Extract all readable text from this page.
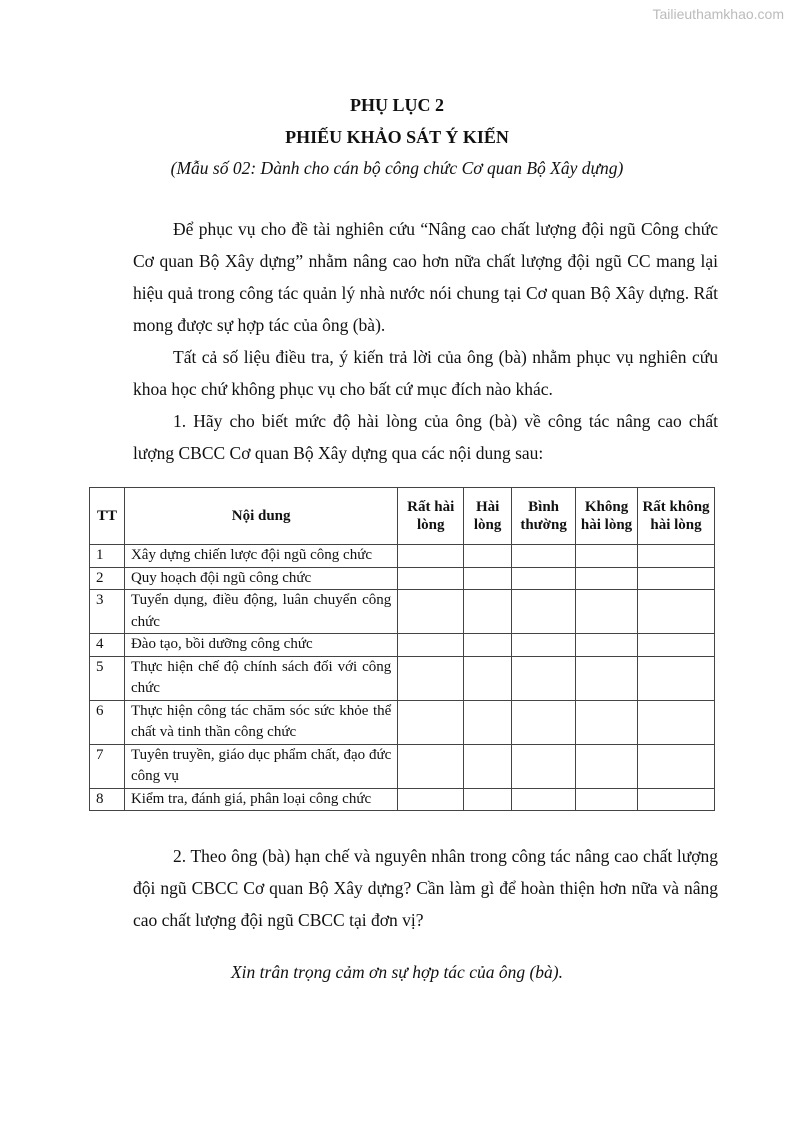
Tailieuthamkhao.com
PHỤ LỤC 2
PHIẾU KHẢO SÁT Ý KIẾN
(Mẫu số 02: Dành cho cán bộ công chức Cơ quan Bộ Xây dựng)

Để phục vụ cho đề tài nghiên cứu “Nâng cao chất lượng đội ngũ Công chức Cơ quan Bộ Xây dựng” nhằm nâng cao hơn nữa chất lượng đội ngũ CC mang lại hiệu quả trong công tác quản lý nhà nước nói chung tại Cơ quan Bộ Xây dựng. Rất mong được sự hợp tác của ông (bà).

Tất cả số liệu điều tra, ý kiến trả lời của ông (bà) nhằm phục vụ nghiên cứu khoa học chứ không phục vụ cho bất cứ mục đích nào khác.

1. Hãy cho biết mức độ hài lòng của ông (bà) về công tác nâng cao chất lượng CBCC Cơ quan Bộ Xây dựng qua các nội dung sau:

TT	Nội dung	Rất hài lòng	Hài lòng	Bình thường	Không hài lòng	Rất không hài lòng
1	Xây dựng chiến lược đội ngũ công chức					
2	Quy hoạch đội ngũ công chức					
3	Tuyển dụng, điều động, luân chuyển công chức					
4	Đào tạo, bồi dưỡng công chức					
5	Thực hiện chế độ chính sách đối với công chức					
6	Thực hiện công tác chăm sóc sức khỏe thể chất và tinh thần công chức					
7	Tuyên truyền, giáo dục phẩm chất, đạo đức công vụ					
8	Kiểm tra, đánh giá, phân loại công chức					

2. Theo ông (bà) hạn chế và nguyên nhân trong công tác nâng cao chất lượng đội ngũ CBCC Cơ quan Bộ Xây dựng? Cần làm gì để hoàn thiện hơn nữa và nâng cao chất lượng đội ngũ CBCC tại đơn vị?

Xin trân trọng cảm ơn sự hợp tác của ông (bà).
